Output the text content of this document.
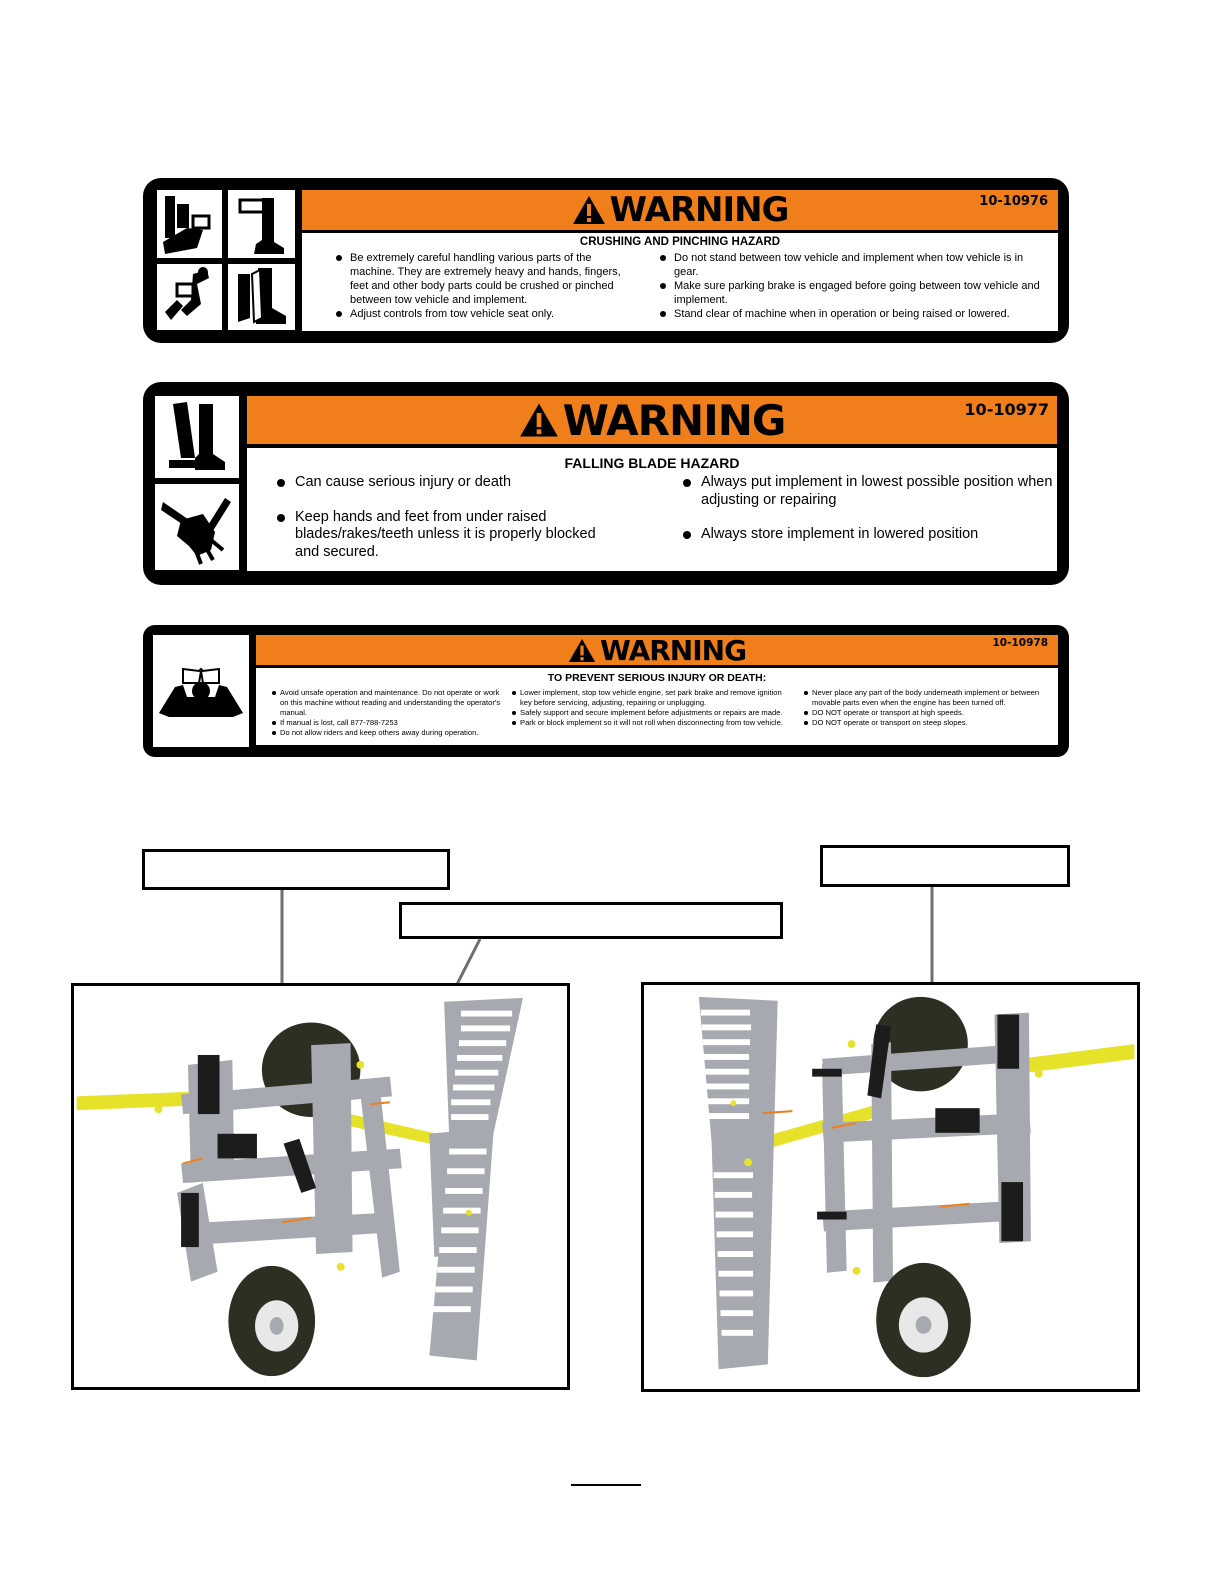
WARNING	10-10976
CRUSHING AND PINCHING HAZARD
Be extremely careful handling various parts of the machine. They are extremely heavy and hands, fingers, feet and other body parts could be crushed or pinched between tow vehicle and implement.
Adjust controls from tow vehicle seat only.
Do not stand between tow vehicle and implement when tow vehicle is in gear.
Make sure parking brake is engaged before going between tow vehicle and implement.
Stand clear of machine when in operation or being raised or lowered.
WARNING	10-10977
FALLING BLADE HAZARD
Can cause serious injury or death
Keep hands and feet from under raised blades/rakes/teeth unless it is properly blocked and secured.
Always put implement in lowest possible position when adjusting or repairing
Always store implement in lowered position
WARNING	10-10978
TO PREVENT SERIOUS INJURY OR DEATH:
Avoid unsafe operation and maintenance. Do not operate or work on this machine without reading and understanding the operator's manual.
If manual is lost, call 877-788-7253
Do not allow riders and keep others away during operation.
Lower implement, stop tow vehicle engine, set park brake and remove ignition key before servicing, adjusting, repairing or unplugging.
Safely support and secure implement before adjustments or repairs are made.
Park or block implement so it will not roll when disconnecting from tow vehicle.
Never place any part of the body underneath implement or between movable parts even when the engine has been turned off.
DO NOT operate or transport at high speeds.
DO NOT operate or transport on steep slopes.
